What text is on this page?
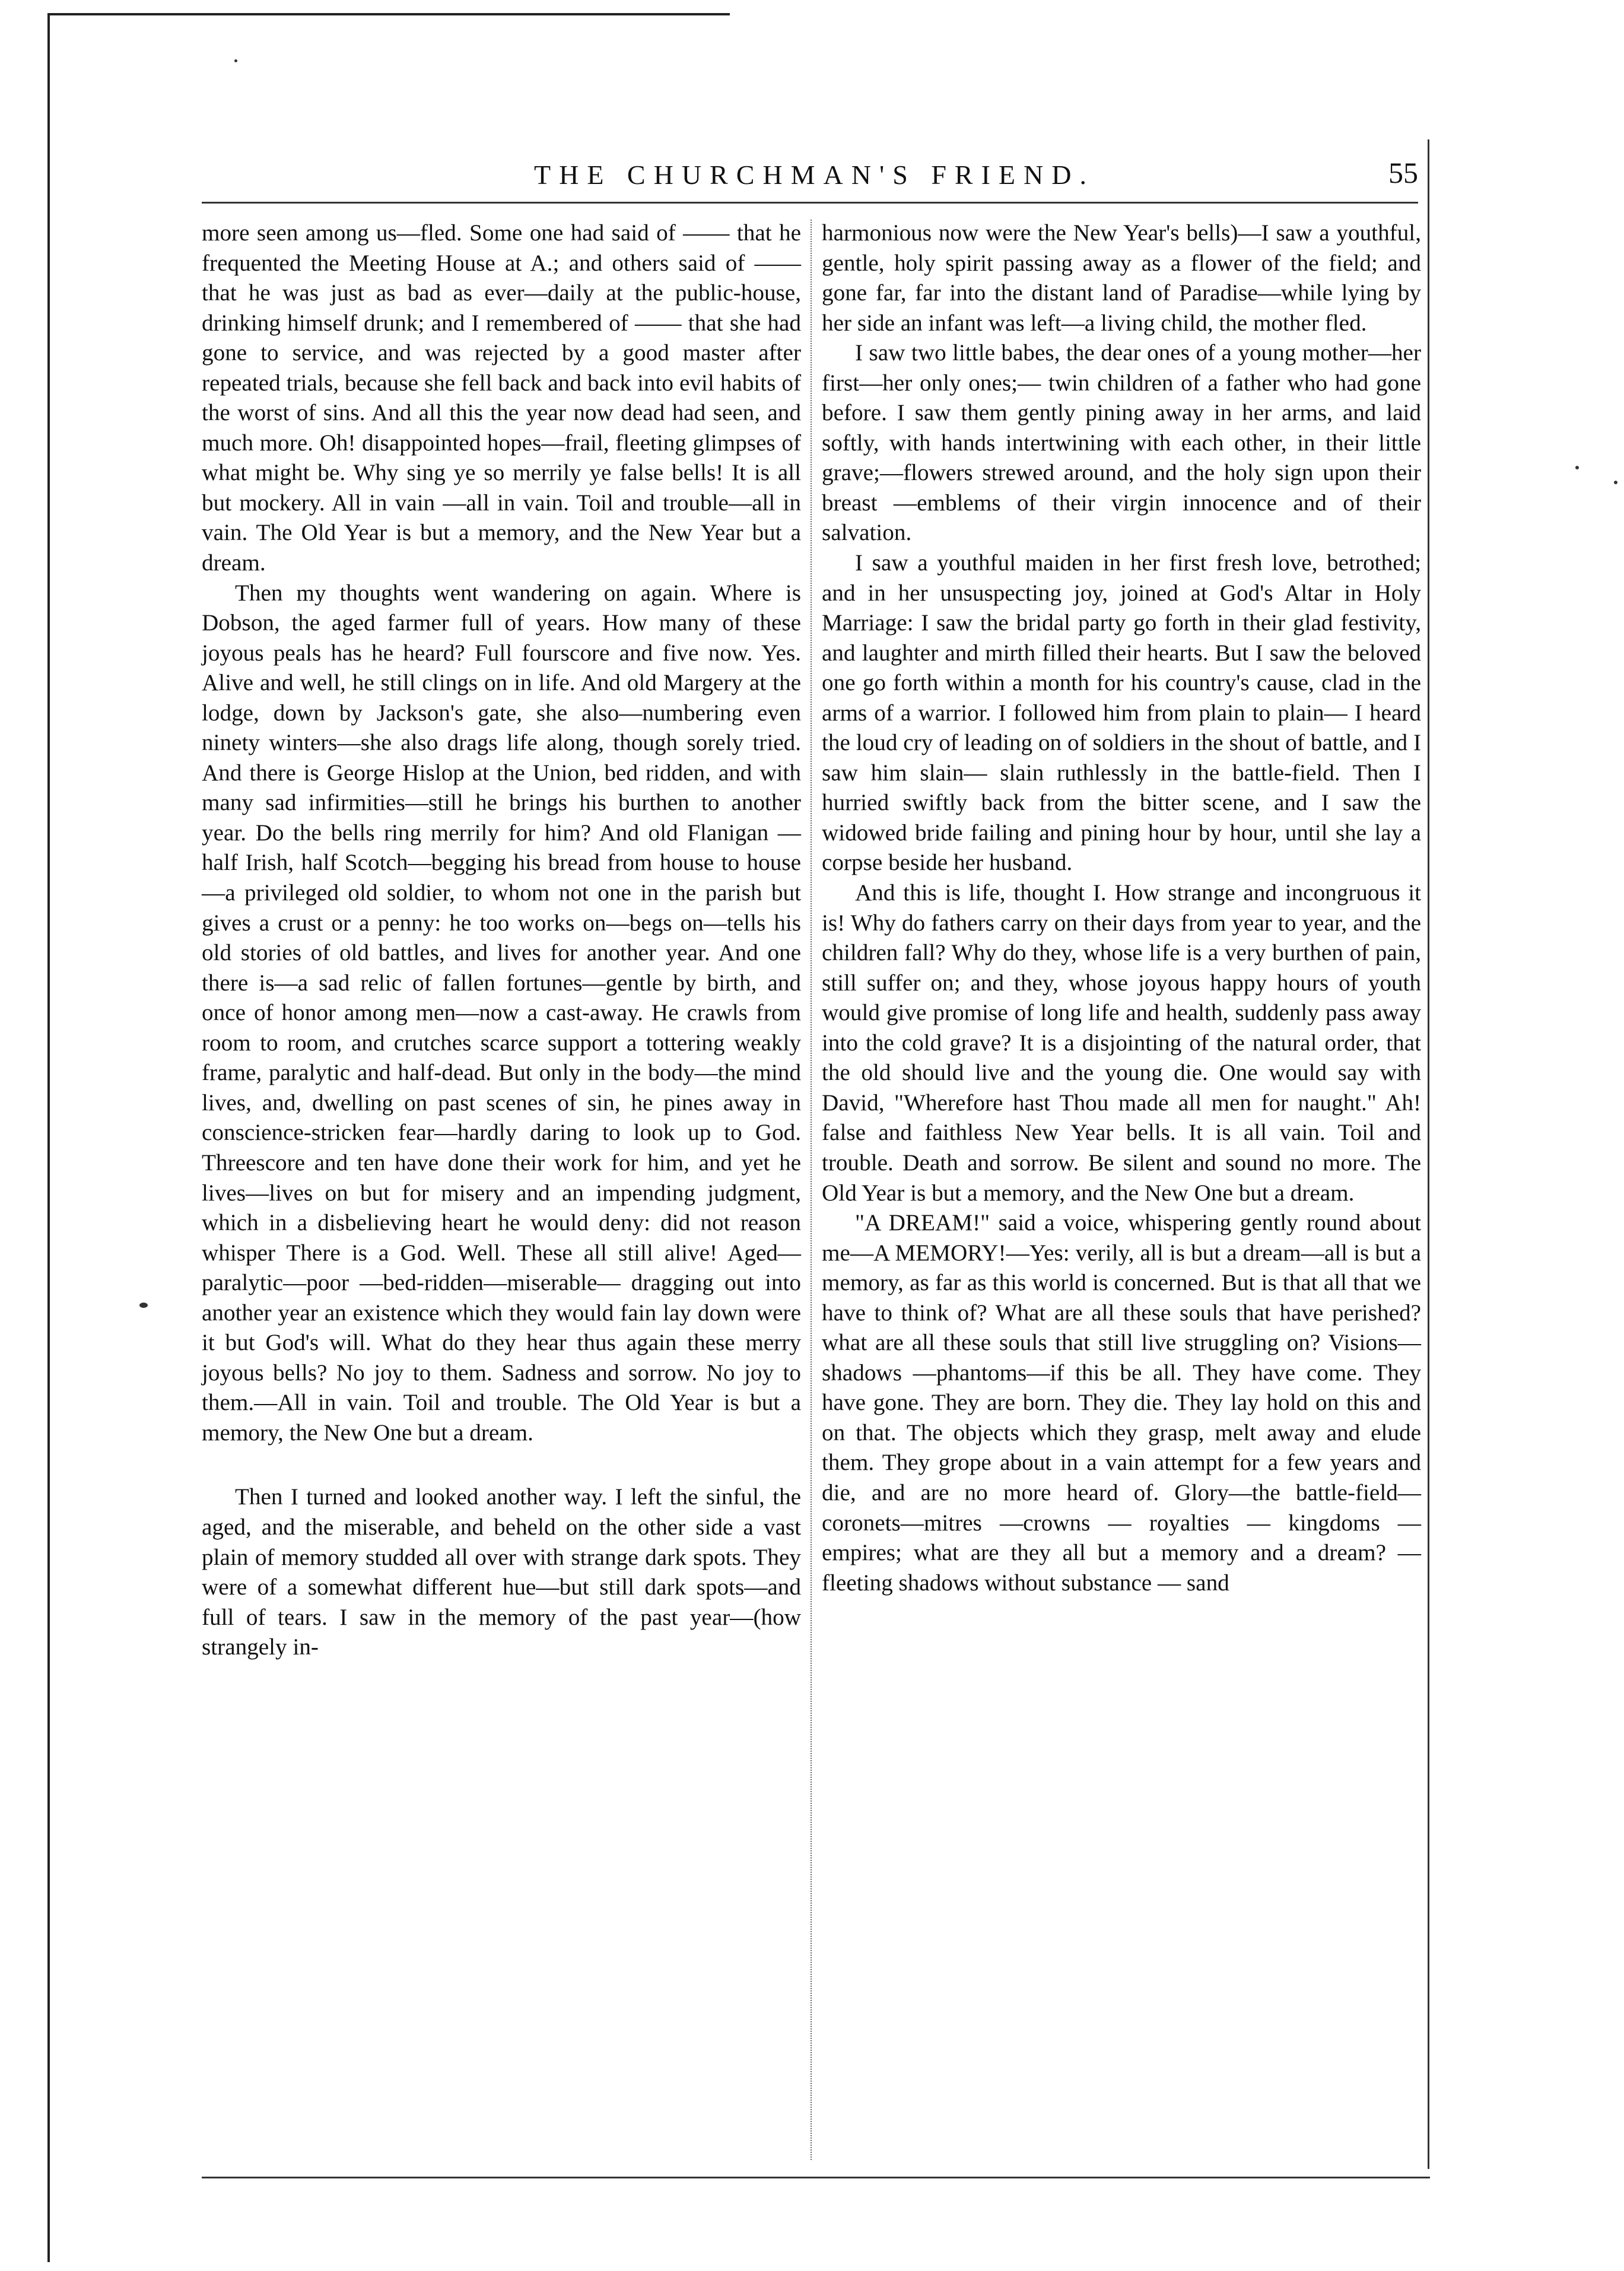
THE CHURCHMAN'S FRIEND.	55

more seen among us—fled. Some one had said of —— that he frequented the Meeting House at A.; and others said of —— that he was just as bad as ever—daily at the public-house, drinking himself drunk; and I remembered of —— that she had gone to service, and was rejected by a good master after repeated trials, because she fell back and back into evil habits of the worst of sins. And all this the year now dead had seen, and much more. Oh! disappointed hopes—frail, fleeting glimpses of what might be. Why sing ye so merrily ye false bells! It is all but mockery. All in vain —all in vain. Toil and trouble—all in vain. The Old Year is but a memory, and the New Year but a dream.

Then my thoughts went wandering on again. Where is Dobson, the aged farmer full of years. How many of these joyous peals has he heard? Full fourscore and five now. Yes. Alive and well, he still clings on in life. And old Margery at the lodge, down by Jackson's gate, she also—numbering even ninety winters—she also drags life along, though sorely tried. And there is George Hislop at the Union, bed ridden, and with many sad infirmities—still he brings his burthen to another year. Do the bells ring merrily for him? And old Flanigan — half Irish, half Scotch—begging his bread from house to house—a privileged old soldier, to whom not one in the parish but gives a crust or a penny: he too works on—begs on—tells his old stories of old battles, and lives for another year. And one there is—a sad relic of fallen fortunes—gentle by birth, and once of honor among men—now a cast-away. He crawls from room to room, and crutches scarce support a tottering weakly frame, paralytic and half-dead. But only in the body—the mind lives, and, dwelling on past scenes of sin, he pines away in conscience-stricken fear—hardly daring to look up to God. Threescore and ten have done their work for him, and yet he lives—lives on but for misery and an impending judgment, which in a disbelieving heart he would deny: did not reason whisper There is a God. Well. These all still alive! Aged—paralytic—poor —bed-ridden—miserable— dragging out into another year an existence which they would fain lay down were it but God's will. What do they hear thus again these merry joyous bells? No joy to them. Sadness and sorrow. No joy to them.—All in vain. Toil and trouble. The Old Year is but a memory, the New One but a dream.

Then I turned and looked another way. I left the sinful, the aged, and the miserable, and beheld on the other side a vast plain of memory studded all over with strange dark spots. They were of a somewhat different hue—but still dark spots—and full of tears. I saw in the memory of the past year—(how strangely in-

harmonious now were the New Year's bells)—I saw a youthful, gentle, holy spirit passing away as a flower of the field; and gone far, far into the distant land of Paradise—while lying by her side an infant was left—a living child, the mother fled.

I saw two little babes, the dear ones of a young mother—her first—her only ones;— twin children of a father who had gone before. I saw them gently pining away in her arms, and laid softly, with hands intertwining with each other, in their little grave;—flowers strewed around, and the holy sign upon their breast —emblems of their virgin innocence and of their salvation.

I saw a youthful maiden in her first fresh love, betrothed; and in her unsuspecting joy, joined at God's Altar in Holy Marriage: I saw the bridal party go forth in their glad festivity, and laughter and mirth filled their hearts. But I saw the beloved one go forth within a month for his country's cause, clad in the arms of a warrior. I followed him from plain to plain— I heard the loud cry of leading on of soldiers in the shout of battle, and I saw him slain— slain ruthlessly in the battle-field. Then I hurried swiftly back from the bitter scene, and I saw the widowed bride failing and pining hour by hour, until she lay a corpse beside her husband.

And this is life, thought I. How strange and incongruous it is! Why do fathers carry on their days from year to year, and the children fall? Why do they, whose life is a very burthen of pain, still suffer on; and they, whose joyous happy hours of youth would give promise of long life and health, suddenly pass away into the cold grave? It is a disjointing of the natural order, that the old should live and the young die. One would say with David, "Wherefore hast Thou made all men for naught." Ah! false and faithless New Year bells. It is all vain. Toil and trouble. Death and sorrow. Be silent and sound no more. The Old Year is but a memory, and the New One but a dream.

"A DREAM!" said a voice, whispering gently round about me—A MEMORY!—Yes: verily, all is but a dream—all is but a memory, as far as this world is concerned. But is that all that we have to think of? What are all these souls that have perished? what are all these souls that still live struggling on? Visions—shadows —phantoms—if this be all. They have come. They have gone. They are born. They die. They lay hold on this and on that. The objects which they grasp, melt away and elude them. They grope about in a vain attempt for a few years and die, and are no more heard of. Glory—the battle-field—coronets—mitres —crowns — royalties — kingdoms — empires; what are they all but a memory and a dream? —fleeting shadows without substance — sand
